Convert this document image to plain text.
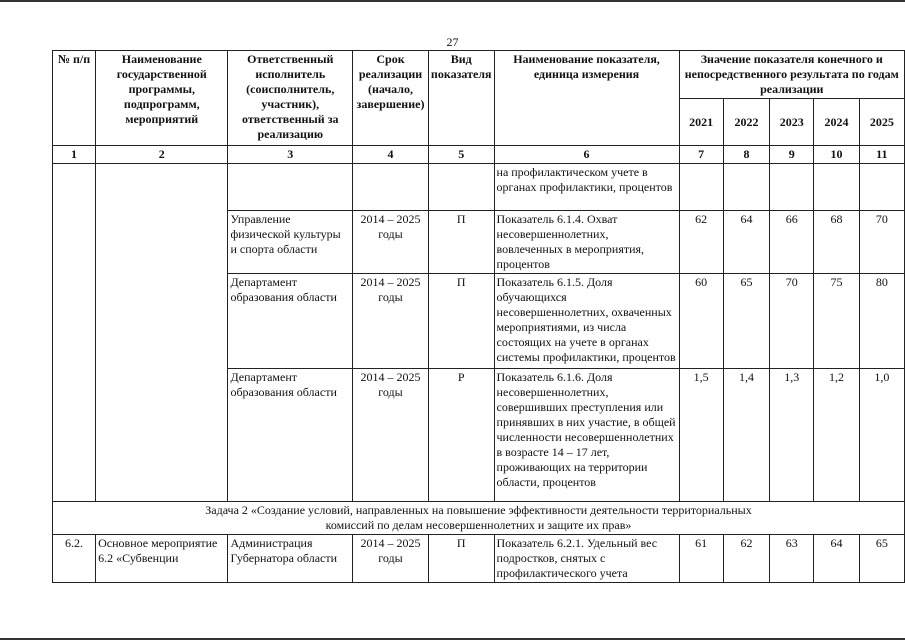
27
№ п/п	Наименование государственной программы, подпрограмм, мероприятий	Ответственный исполнитель (соисполнитель, участник), ответственный за реализацию	Срок реализации (начало, завершение)	Вид показателя	Наименование показателя, единица измерения	Значение показателя конечного и непосредственного результата по годам реализации				
						2021	2022	2023	2024	2025
1	2	3	4	5	6	7	8	9	10	11
					на профилактическом учете в органах профилактики, процентов					
		Управление физической культуры и спорта области	2014 – 2025 годы	П	Показатель 6.1.4. Охват несовершеннолетних, вовлеченных в мероприятия, процентов	62	64	66	68	70
		Департамент образования области	2014 – 2025 годы	П	Показатель 6.1.5. Доля обучающихся несовершеннолетних, охваченных мероприятиями, из числа состоящих на учете в органах системы профилактики, процентов	60	65	70	75	80
		Департамент образования области	2014 – 2025 годы	Р	Показатель 6.1.6. Доля несовершеннолетних, совершивших преступления или принявших в них участие, в общей численности несовершеннолетних в возрасте 14 – 17 лет, проживающих на территории области, процентов	1,5	1,4	1,3	1,2	1,0
Задача 2 «Создание условий, направленных на повышение эффективности деятельности территориальных комиссий по делам несовершеннолетних и защите их прав»										
6.2.	Основное мероприятие 6.2 «Субвенции	Администрация Губернатора области	2014 – 2025 годы	П	Показатель 6.2.1. Удельный вес подростков, снятых с профилактического учета	61	62	63	64	65
